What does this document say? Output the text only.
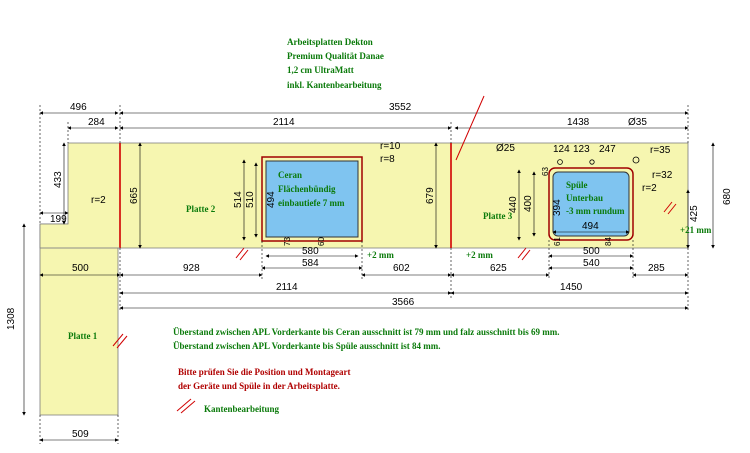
Ceran
Flächenbündig
einbautiefe 7 mm
Spüle
Unterbau
-3 mm rundum
Arbeitsplatten Dekton
Premium Qualität Danae
1,2 cm UltraMatt
inkl. Kantenbearbeitung
Platte 1
Platte 2
Platte 3
496	3552
284	2114	1438	Ø35
Ø25	124 123 247
r=10
r=8
r=35
r=32
r=2
r=2
433
199
665	514 510 494	679
440 400 394
680
425
+21 mm
1308
73
63
60	84
61
580
584
494
500
540
+2 mm	+2 mm
500	928	602	625	285
2114	1450
3566
509
Überstand zwischen APL Vorderkante bis Ceran ausschnitt ist 79 mm und falz ausschnitt bis 69 mm.
Überstand zwischen APL Vorderkante bis Spüle ausschnitt ist 84 mm.
Bitte prüfen Sie die Position und Montageart
der Geräte und Spüle in der Arbeitsplatte.
Kantenbearbeitung
